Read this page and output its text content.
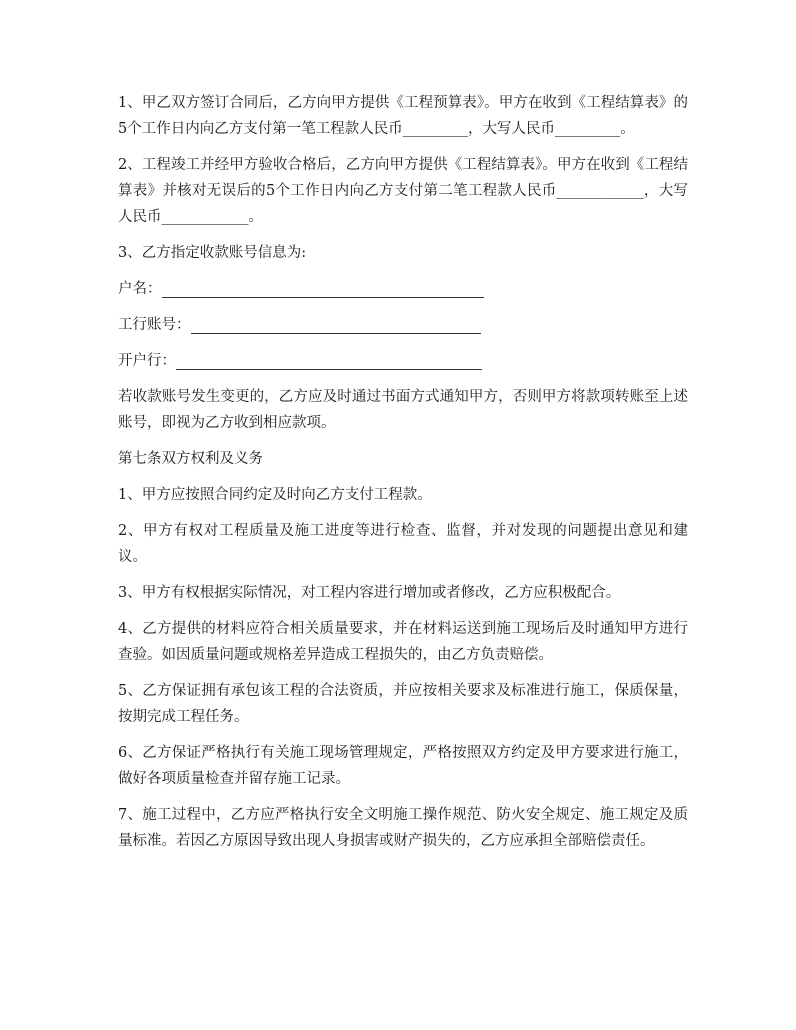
1、甲乙双方签订合同后，乙方向甲方提供《工程预算表》。甲方在收到《工程结算表》的5个工作日内向乙方支付第一笔工程款人民币_________，大写人民币_________。

2、工程竣工并经甲方验收合格后，乙方向甲方提供《工程结算表》。甲方在收到《工程结算表》并核对无误后的5个工作日内向乙方支付第二笔工程款人民币____________，大写人民币____________。

3、乙方指定收款账号信息为:

户名：
工行账号：
开户行：

若收款账号发生变更的，乙方应及时通过书面方式通知甲方，否则甲方将款项转账至上述账号，即视为乙方收到相应款项。

第七条双方权利及义务

1、甲方应按照合同约定及时向乙方支付工程款。

2、甲方有权对工程质量及施工进度等进行检查、监督，并对发现的问题提出意见和建议。

3、甲方有权根据实际情况，对工程内容进行增加或者修改，乙方应积极配合。

4、乙方提供的材料应符合相关质量要求，并在材料运送到施工现场后及时通知甲方进行查验。如因质量问题或规格差异造成工程损失的，由乙方负责赔偿。

5、乙方保证拥有承包该工程的合法资质，并应按相关要求及标准进行施工，保质保量，按期完成工程任务。

6、乙方保证严格执行有关施工现场管理规定，严格按照双方约定及甲方要求进行施工，做好各项质量检查并留存施工记录。

7、施工过程中，乙方应严格执行安全文明施工操作规范、防火安全规定、施工规定及质量标准。若因乙方原因导致出现人身损害或财产损失的，乙方应承担全部赔偿责任。
